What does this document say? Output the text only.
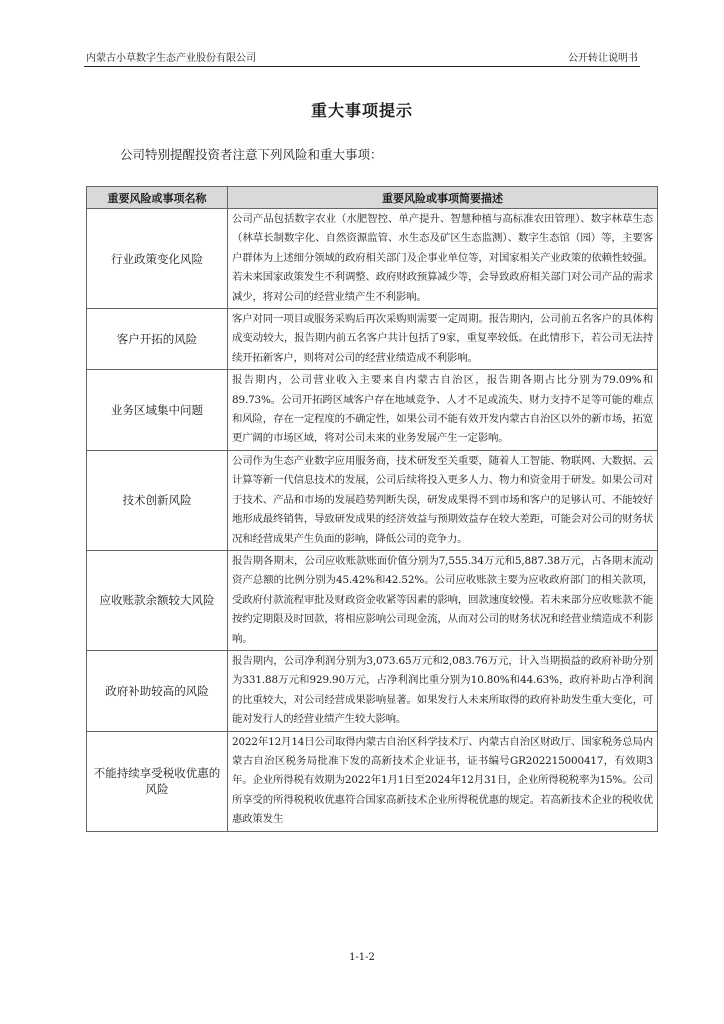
内蒙古小草数字生态产业股份有限公司	公开转让说明书
重大事项提示
公司特别提醒投资者注意下列风险和重大事项：
重要风险或事项名称	重要风险或事项简要描述
行业政策变化风险	公司产品包括数字农业（水肥智控、单产提升、智慧种植与高标准农田管理）、数字林草生态（林草长制数字化、自然资源监管、水生态及矿区生态监测）、数字生态馆（园）等，主要客户群体为上述细分领域的政府相关部门及企事业单位等，对国家相关产业政策的依赖性较强。若未来国家政策发生不利调整、政府财政预算减少等，会导致政府相关部门对公司产品的需求减少，将对公司的经营业绩产生不利影响。
客户开拓的风险	客户对同一项目或服务采购后再次采购则需要一定周期。报告期内，公司前五名客户的具体构成变动较大，报告期内前五名客户共计包括了9家，重复率较低。在此情形下，若公司无法持续开拓新客户，则将对公司的经营业绩造成不利影响。
业务区域集中问题	报告期内，公司营业收入主要来自内蒙古自治区，报告期各期占比分别为79.09%和89.73%。公司开拓跨区域客户存在地域竞争、人才不足或流失、财力支持不足等可能的难点和风险，存在一定程度的不确定性，如果公司不能有效开发内蒙古自治区以外的新市场，拓宽更广阔的市场区域，将对公司未来的业务发展产生一定影响。
技术创新风险	公司作为生态产业数字应用服务商，技术研发至关重要，随着人工智能、物联网、大数据、云计算等新一代信息技术的发展，公司后续将投入更多人力、物力和资金用于研发。如果公司对于技术、产品和市场的发展趋势判断失误，研发成果得不到市场和客户的足够认可、不能较好地形成最终销售，导致研发成果的经济效益与预期效益存在较大差距，可能会对公司的财务状况和经营成果产生负面的影响，降低公司的竞争力。
应收账款余额较大风险	报告期各期末，公司应收账款账面价值分别为7,555.34万元和5,887.38万元，占各期末流动资产总额的比例分别为45.42%和42.52%。公司应收账款主要为应收政府部门的相关款项，受政府付款流程审批及财政资金收紧等因素的影响，回款速度较慢。若未来部分应收账款不能按约定期限及时回款，将相应影响公司现金流，从而对公司的财务状况和经营业绩造成不利影响。
政府补助较高的风险	报告期内，公司净利润分别为3,073.65万元和2,083.76万元，计入当期损益的政府补助分别为331.88万元和929.90万元，占净利润比重分别为10.80%和44.63%，政府补助占净利润的比重较大，对公司经营成果影响显著。如果发行人未来所取得的政府补助发生重大变化，可能对发行人的经营业绩产生较大影响。
不能持续享受税收优惠的风险	2022年12月14日公司取得内蒙古自治区科学技术厅、内蒙古自治区财政厅、国家税务总局内蒙古自治区税务局批准下发的高新技术企业证书，证书编号GR202215000417，有效期3年。企业所得税有效期为2022年1月1日至2024年12月31日，企业所得税税率为15%。公司所享受的所得税税收优惠符合国家高新技术企业所得税优惠的规定。若高新技术企业的税收优惠政策发生
1-1-2
